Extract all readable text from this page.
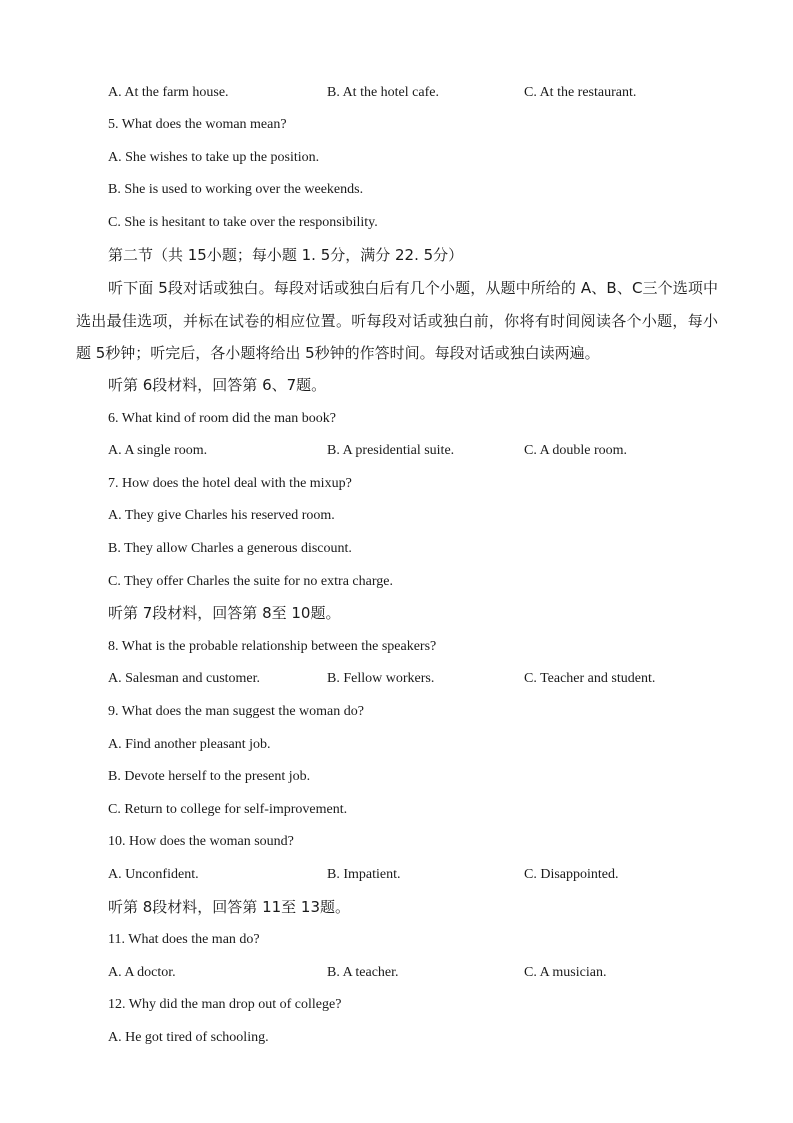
A. At the farm house.	B. At the hotel cafe.	C. At the restaurant.
5. What does the woman mean?
A. She wishes to take up the position.
B. She is used to working over the weekends.
C. She is hesitant to take over the responsibility.
第二节（共 15小题；每小题 1. 5分，满分 22. 5分）
听下面 5段对话或独白。每段对话或独白后有几个小题，从题中所给的 A、B、C三个选项中选出最佳选项，并标在试卷的相应位置。听每段对话或独白前，你将有时间阅读各个小题，每小题 5秒钟；听完后，各小题将给出 5秒钟的作答时间。每段对话或独白读两遍。
听第 6段材料，回答第 6、7题。
6. What kind of room did the man book?
A. A single room.	B. A presidential suite.	C. A double room.
7. How does the hotel deal with the mixup?
A. They give Charles his reserved room.
B. They allow Charles a generous discount.
C. They offer Charles the suite for no extra charge.
听第 7段材料，回答第 8至 10题。
8. What is the probable relationship between the speakers?
A. Salesman and customer.	B. Fellow workers.	C. Teacher and student.
9. What does the man suggest the woman do?
A. Find another pleasant job.
B. Devote herself to the present job.
C. Return to college for self-improvement.
10. How does the woman sound?
A. Unconfident.	B. Impatient.	C. Disappointed.
听第 8段材料，回答第 11至 13题。
11. What does the man do?
A. A doctor.	B. A teacher.	C. A musician.
12. Why did the man drop out of college?
A. He got tired of schooling.
